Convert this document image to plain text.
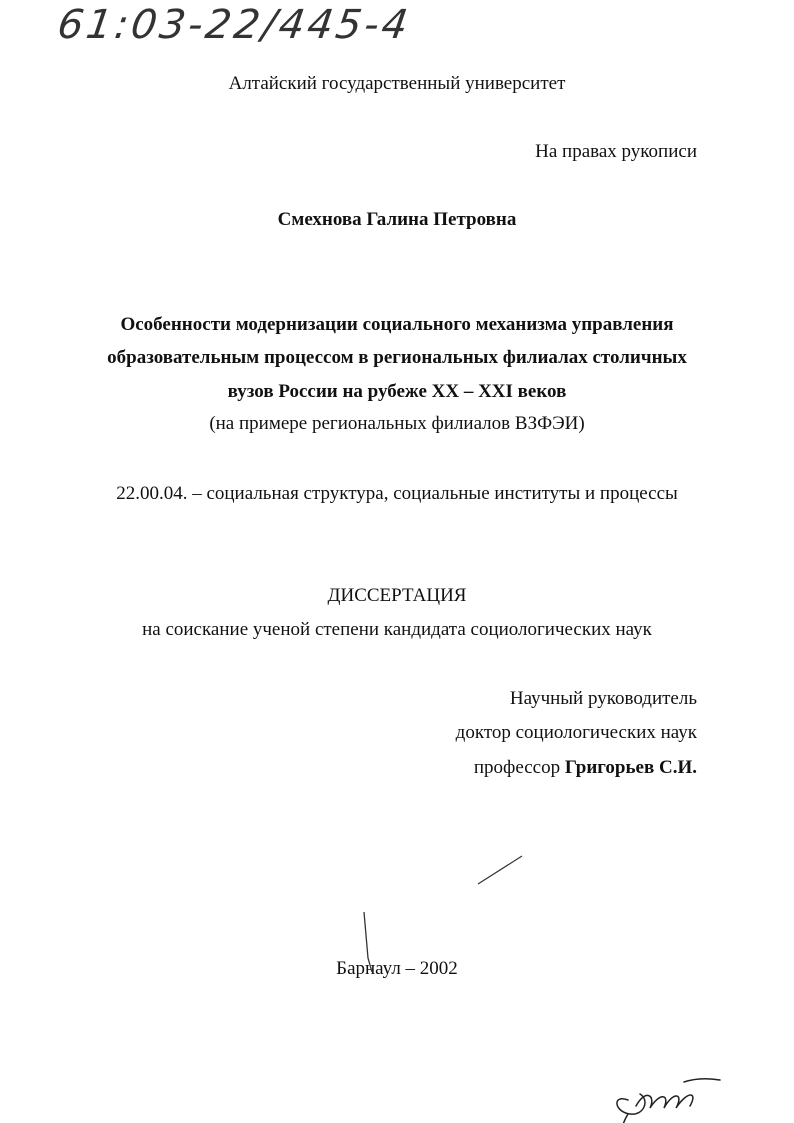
61:03-22/445-4
Алтайский государственный университет
На правах рукописи
Смехнова Галина Петровна
Особенности модернизации социального механизма управления
образовательным процессом в региональных филиалах столичных
вузов России на рубеже XX – XXI веков
(на примере региональных филиалов ВЗФЭИ)
22.00.04. – социальная структура, социальные институты и процессы
ДИССЕРТАЦИЯ
на соискание ученой степени кандидата социологических наук
Научный руководитель
доктор социологических наук
профессор Григорьев С.И.
Барнаул – 2002
